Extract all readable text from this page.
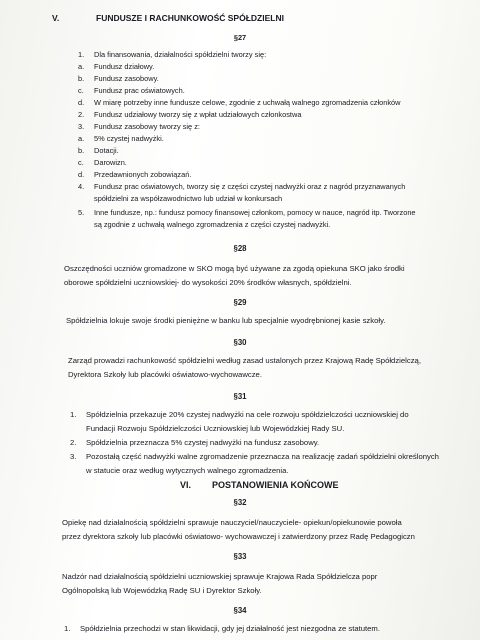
V.	FUNDUSZE I RACHUNKOWOŚĆ SPÓŁDZIELNI
§27
1. Dla finansowania, działalności spółdzielni tworzy się:
a. Fundusz działowy.
b. Fundusz zasobowy.
c. Fundusz prac oświatowych.
d. W miarę potrzeby inne fundusze celowe, zgodnie z uchwałą walnego zgromadzenia członków
2. Fundusz udziałowy tworzy się z wpłat udziałowych członkostwa
3. Fundusz zasobowy tworzy się z:
a. 5% czystej nadwyżki.
b. Dotacji.
c. Darowizn.
d. Przedawnionych zobowiązań.
4. Fundusz prac oświatowych, tworzy się z części czystej nadwyżki oraz z nagród przyznawanych
spółdzielni za współzawodnictwo lub udział w konkursach
5. Inne fundusze, np.: fundusz pomocy finansowej członkom, pomocy w nauce, nagród itp. Tworzone
są zgodnie z uchwałą walnego zgromadzenia z części czystej nadwyżki.
§28
Oszczędności uczniów gromadzone w SKO mogą być używane za zgodą opiekuna SKO jako środki
oborowe spółdzielni uczniowskiej- do wysokości 20% środków własnych, spółdzielni.
§29
Spółdzielnia lokuje swoje środki pieniężne w banku lub specjalnie wyodrębnionej kasie szkoły.
§30
Zarząd prowadzi rachunkowość spółdzielni według zasad ustalonych przez Krajową Radę Spółdzielczą,
Dyrektora Szkoły lub placówki oświatowo-wychowawcze.
§31
1. Spółdzielnia przekazuje 20% czystej nadwyżki na cele rozwoju spółdzielczości uczniowskiej do
Fundacji Rozwoju Spółdzielczości Uczniowskiej lub Wojewódzkiej Rady SU.
2. Spółdzielnia przeznacza 5% czystej nadwyżki na fundusz zasobowy.
3. Pozostałą część nadwyżki walne zgromadzenie przeznacza na realizację zadań spółdzielni określonych
w statucie oraz według wytycznych walnego zgromadzenia.
VI. POSTANOWIENIA KOŃCOWE
§32
Opiekę nad działalnością spółdzielni sprawuje nauczyciel/nauczyciele- opiekun/opiekunowie powoła
przez dyrektora szkoły lub placówki oświatowo- wychowawczej i zatwierdzony przez Radę Pedagogiczn
§33
Nadzór nad działalnością spółdzielni uczniowskiej sprawuje Krajowa Rada Spółdzielcza popr
Ogólnopolską lub Wojewódzką Radę SU i Dyrektor Szkoły.
§34
1. Spółdzielnia przechodzi w stan likwidacji, gdy jej działalność jest niezgodna ze statutem.
